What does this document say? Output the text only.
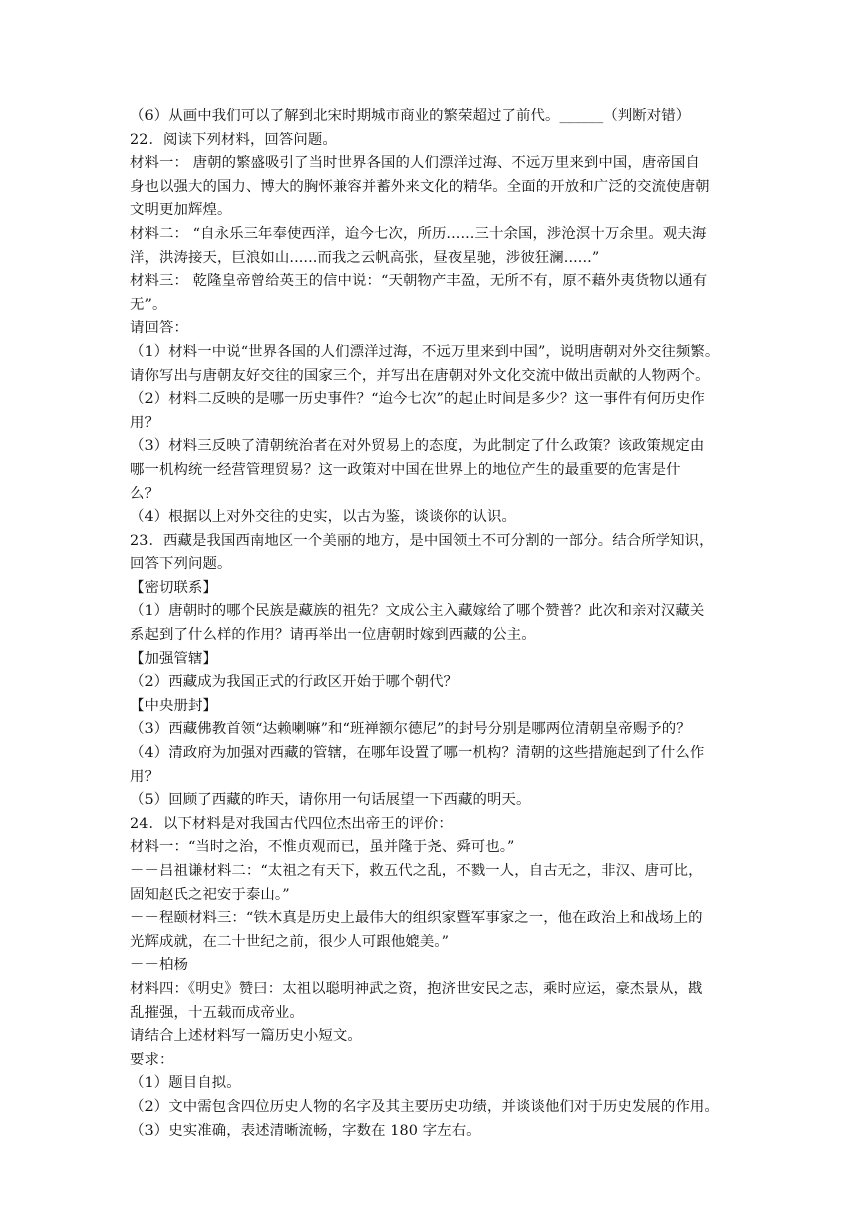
（6）从画中我们可以了解到北宋时期城市商业的繁荣超过了前代。______（判断对错）
22．阅读下列材料，回答问题。
材料一： 唐朝的繁盛吸引了当时世界各国的人们漂洋过海、不远万里来到中国，唐帝国自
身也以强大的国力、博大的胸怀兼容并蓄外来文化的精华。全面的开放和广泛的交流使唐朝
文明更加辉煌。
材料二： “自永乐三年奉使西洋，迨今七次，所历......三十余国，涉沧溟十万余里。观夫海
洋，洪涛接天，巨浪如山......而我之云帆高张，昼夜星驰，涉彼狂澜......”
材料三： 乾隆皇帝曾给英王的信中说：“天朝物产丰盈，无所不有，原不藉外夷货物以通有
无”。
请回答：
（1）材料一中说“世界各国的人们漂洋过海，不远万里来到中国”，说明唐朝对外交往频繁。
请你写出与唐朝友好交往的国家三个，并写出在唐朝对外文化交流中做出贡献的人物两个。
（2）材料二反映的是哪一历史事件？“迨今七次”的起止时间是多少？这一事件有何历史作
用？
（3）材料三反映了清朝统治者在对外贸易上的态度，为此制定了什么政策？该政策规定由
哪一机构统一经营管理贸易？这一政策对中国在世界上的地位产生的最重要的危害是什
么？
（4）根据以上对外交往的史实，以古为鉴，谈谈你的认识。
23．西藏是我国西南地区一个美丽的地方，是中国领土不可分割的一部分。结合所学知识，
回答下列问题。
【密切联系】
（1）唐朝时的哪个民族是藏族的祖先？文成公主入藏嫁给了哪个赞普？此次和亲对汉藏关
系起到了什么样的作用？请再举出一位唐朝时嫁到西藏的公主。
【加强管辖】
（2）西藏成为我国正式的行政区开始于哪个朝代？
【中央册封】
（3）西藏佛教首领“达赖喇嘛”和“班禅额尔德尼”的封号分别是哪两位清朝皇帝赐予的？
（4）清政府为加强对西藏的管辖，在哪年设置了哪一机构？清朝的这些措施起到了什么作
用？
（5）回顾了西藏的昨天，请你用一句话展望一下西藏的明天。
24．以下材料是对我国古代四位杰出帝王的评价：
材料一：“当时之治，不惟贞观而已，虽并隆于尧、舜可也。”
－－吕祖谦材料二：“太祖之有天下，救五代之乱，不戮一人，自古无之，非汉、唐可比，
固知赵氏之祀安于泰山。”
－－程颐材料三：“铁木真是历史上最伟大的组织家暨军事家之一，他在政治上和战场上的
光辉成就，在二十世纪之前，很少人可跟他媲美。”
－－柏杨
材料四：《明史》赞曰：太祖以聪明神武之资，抱济世安民之志，乘时应运，豪杰景从，戡
乱摧强，十五载而成帝业。
请结合上述材料写一篇历史小短文。
要求：
（1）题目自拟。
（2）文中需包含四位历史人物的名字及其主要历史功绩，并谈谈他们对于历史发展的作用。
（3）史实准确，表述清晰流畅，字数在 180 字左右。
